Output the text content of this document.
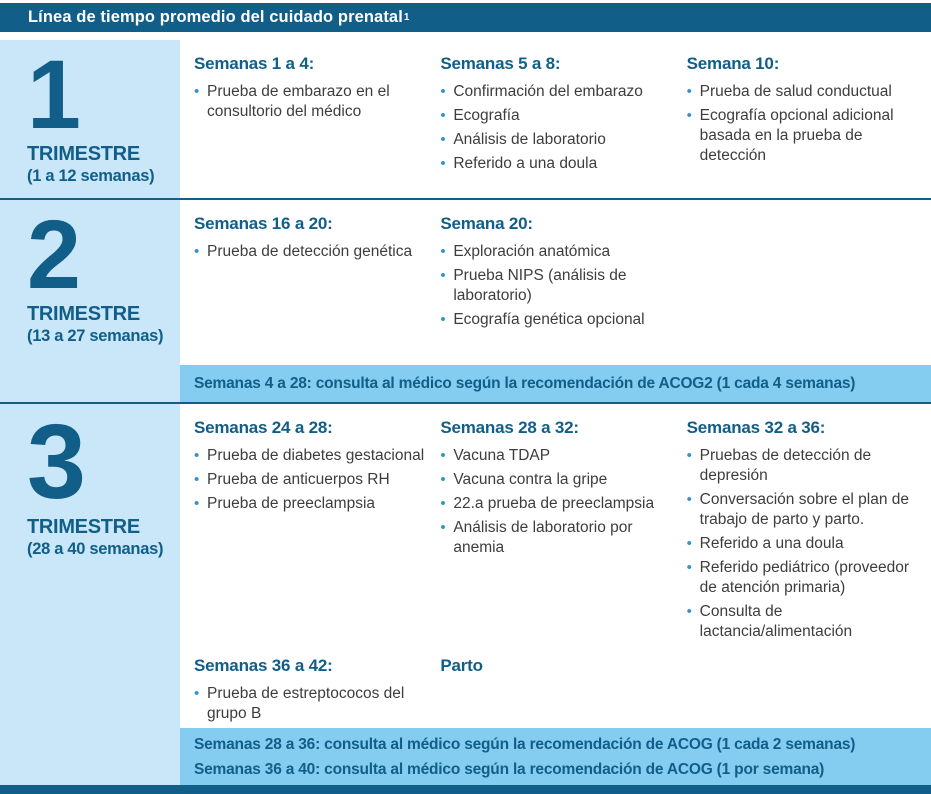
Línea de tiempo promedio del cuidado prenatal 1
1
TRIMESTRE
(1 a 12 semanas)
Semanas 1 a 4:
•
Prueba de embarazo en el consultorio del médico
Semanas 5 a 8:
•
Confirmación del embarazo
•
Ecografía
•
Análisis de laboratorio
•
Referido a una doula
Semana 10:
•
Prueba de salud conductual
•
Ecografía opcional adicional basada en la prueba de detección
2
TRIMESTRE
(13 a 27 semanas)
Semanas 16 a 20:
•
Prueba de detección genética
Semana 20:
•
Exploración anatómica
•
Prueba NIPS (análisis de laboratorio)
•
Ecografía genética opcional
Semanas 4 a 28: consulta al médico según la recomendación de ACOG2 (1 cada 4 semanas)
3
TRIMESTRE
(28 a 40 semanas)
Semanas 24 a 28:
•
Prueba de diabetes gestacional
•
Prueba de anticuerpos RH
•
Prueba de preeclampsia
Semanas 28 a 32:
•
Vacuna TDAP
•
Vacuna contra la gripe
•
22.a prueba de preeclampsia
•
Análisis de laboratorio por anemia
Semanas 32 a 36:
•
Pruebas de detección de depresión
•
Conversación sobre el plan de trabajo de parto y parto.
•
Referido a una doula
•
Referido pediátrico (proveedor de atención primaria)
•
Consulta de lactancia/alimentación
Semanas 36 a 42:
•
Prueba de estreptococos del grupo B
Parto
Semanas 28 a 36: consulta al médico según la recomendación de ACOG (1 cada 2 semanas)
Semanas 36 a 40: consulta al médico según la recomendación de ACOG (1 por semana)
